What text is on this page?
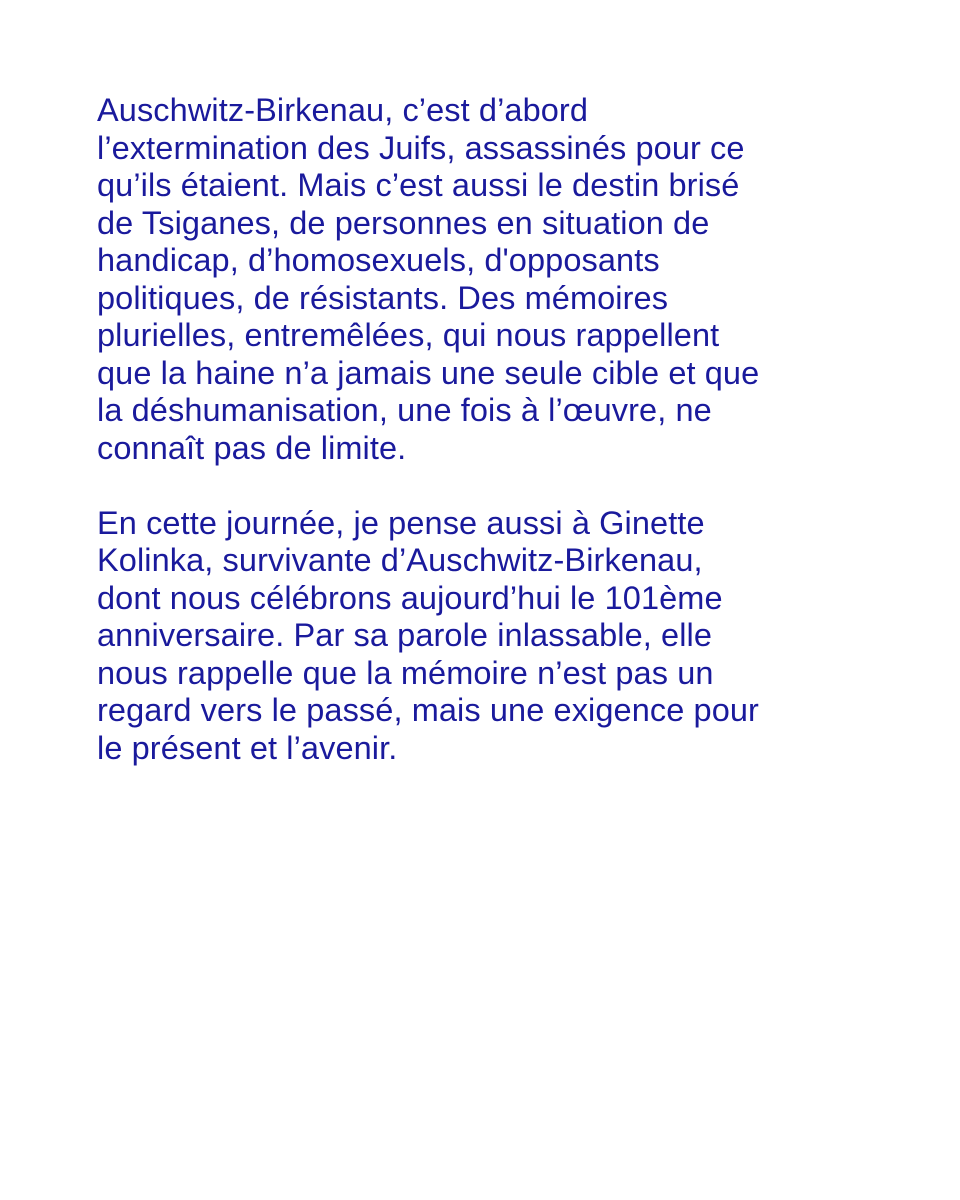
Auschwitz-Birkenau, c’est d’abord
l’extermination des Juifs, assassinés pour ce
qu’ils étaient. Mais c’est aussi le destin brisé
de Tsiganes, de personnes en situation de
handicap, d’homosexuels, d'opposants
politiques, de résistants. Des mémoires
plurielles, entremêlées, qui nous rappellent
que la haine n’a jamais une seule cible et que
la déshumanisation, une fois à l’œuvre, ne
connaît pas de limite.

En cette journée, je pense aussi à Ginette
Kolinka, survivante d’Auschwitz-Birkenau,
dont nous célébrons aujourd’hui le 101ème
anniversaire. Par sa parole inlassable, elle
nous rappelle que la mémoire n’est pas un
regard vers le passé, mais une exigence pour
le présent et l’avenir.
